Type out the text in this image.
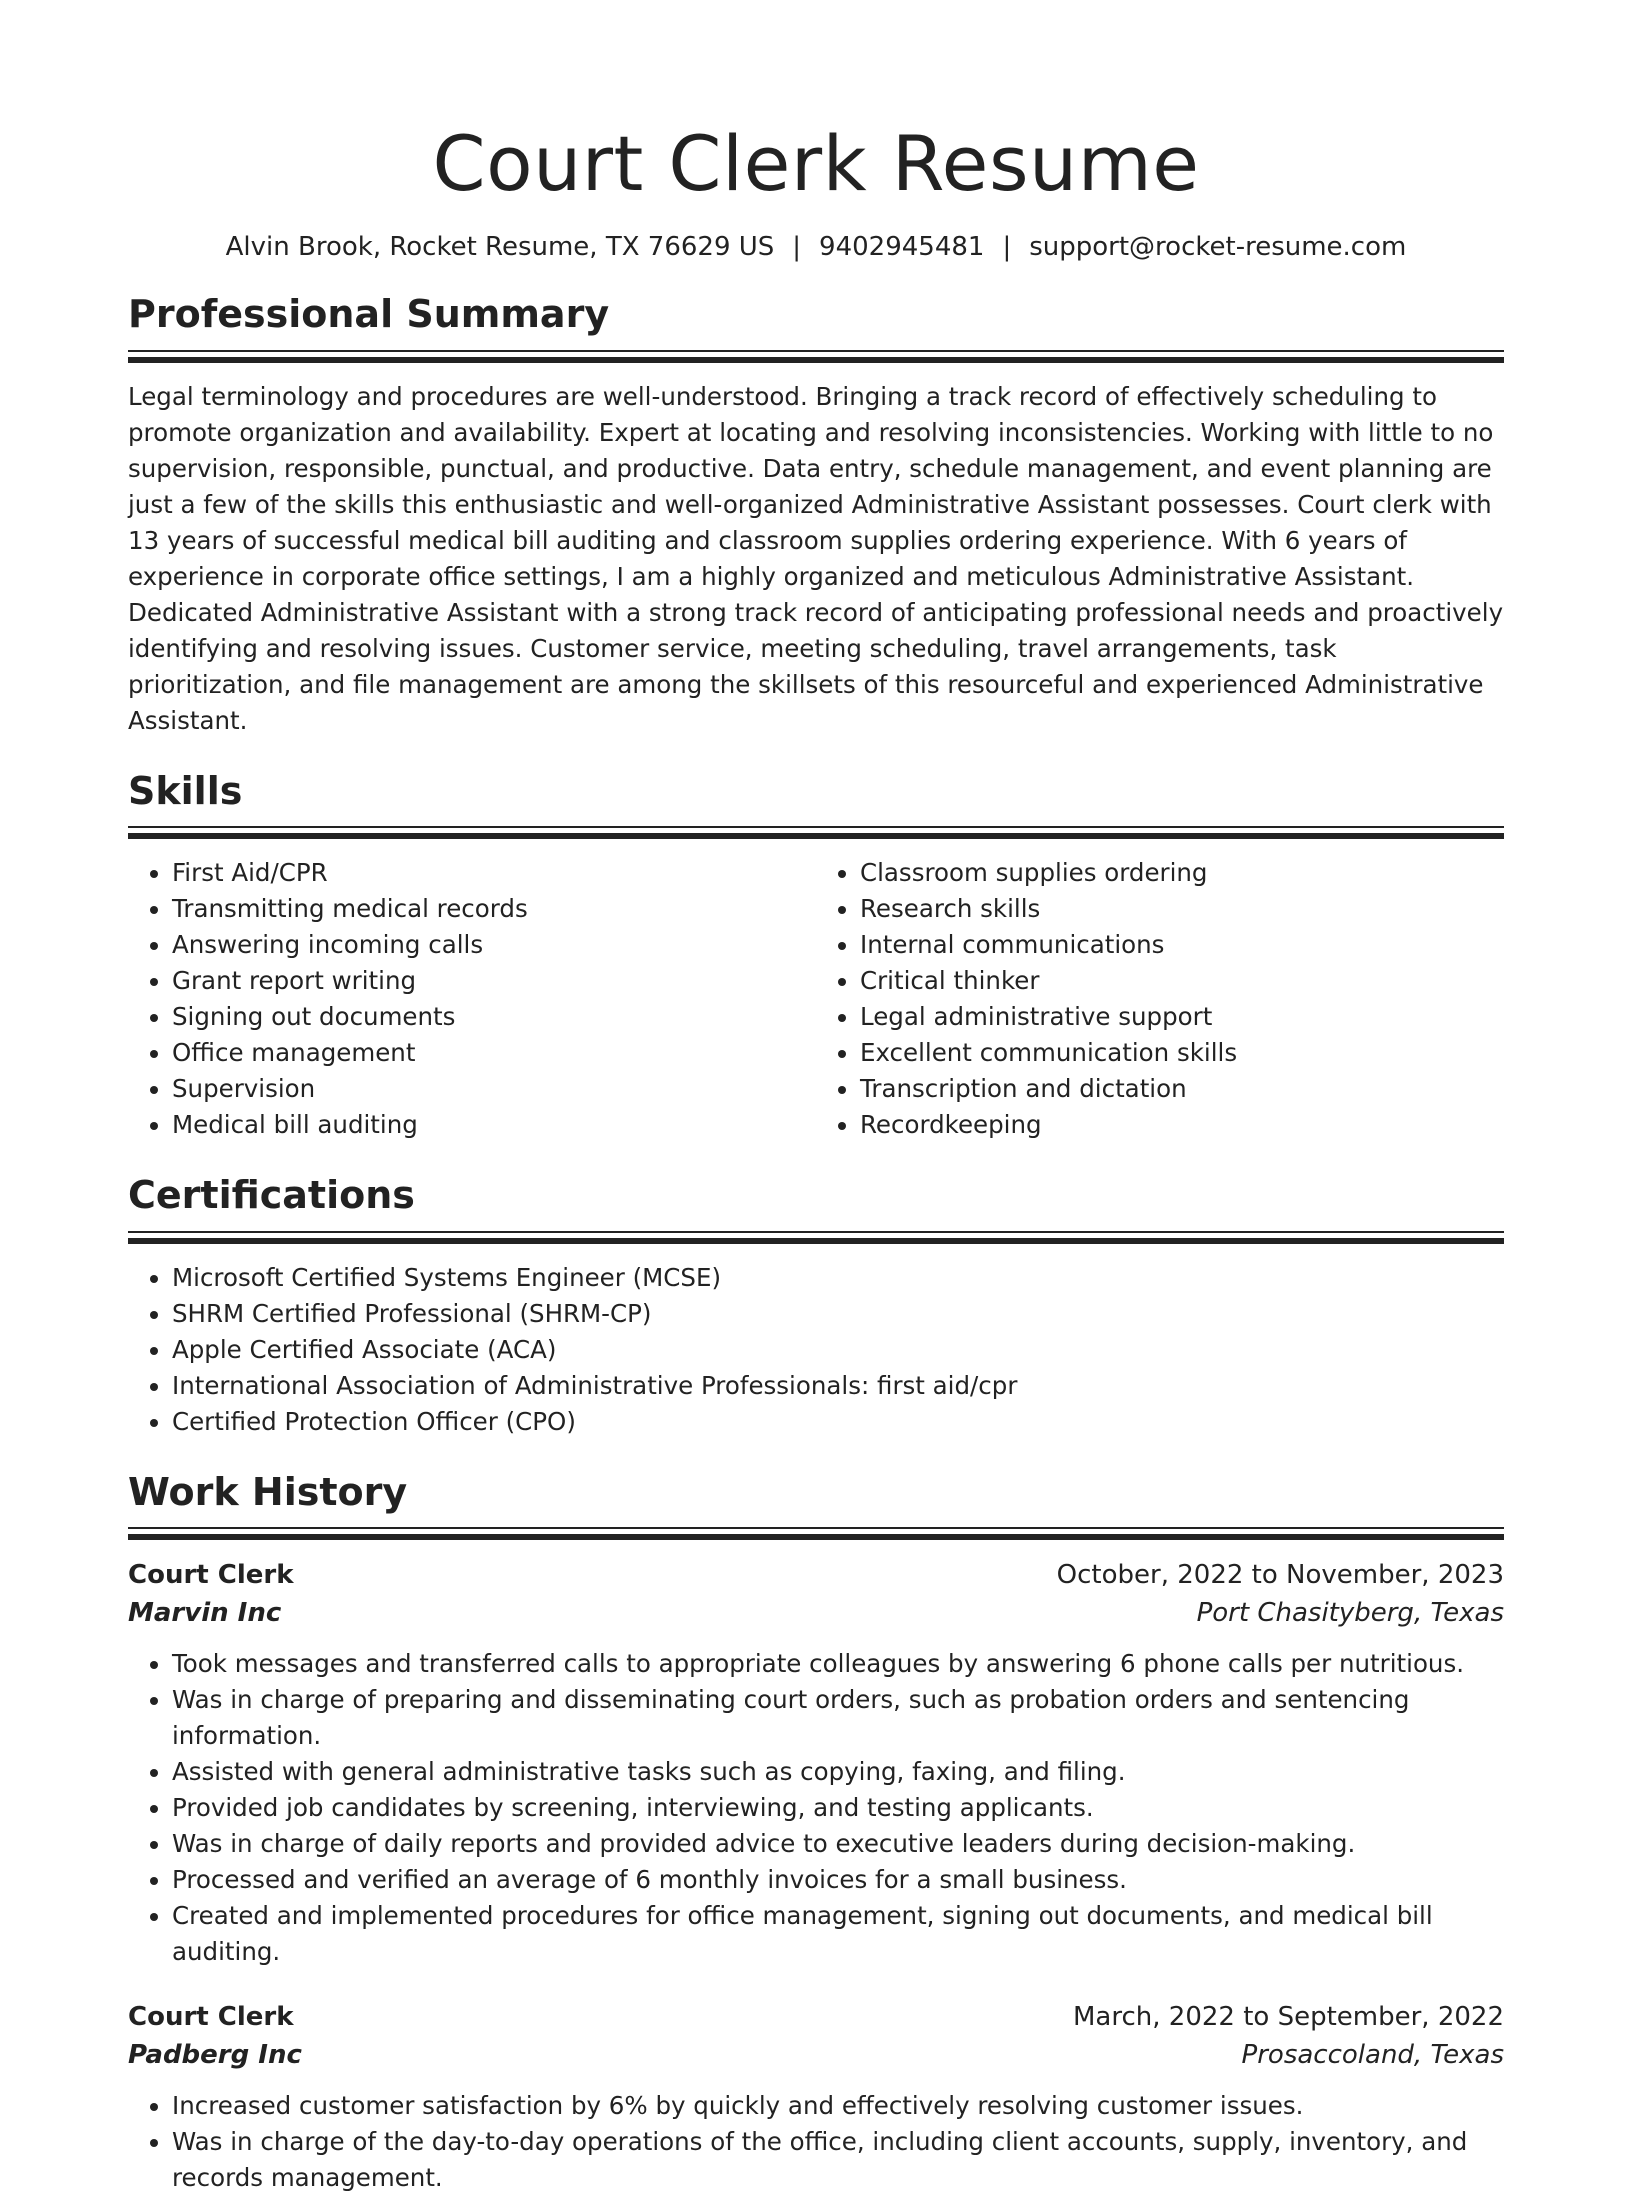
Court Clerk Resume
Alvin Brook, Rocket Resume, TX 76629 US | 9402945481 | support@rocket-resume.com
Professional Summary

Legal terminology and procedures are well-understood. Bringing a track record of effectively scheduling to promote organization and availability. Expert at locating and resolving inconsistencies. Working with little to no supervision, responsible, punctual, and productive. Data entry, schedule management, and event planning are just a few of the skills this enthusiastic and well-organized Administrative Assistant possesses. Court clerk with 13 years of successful medical bill auditing and classroom supplies ordering experience. With 6 years of experience in corporate office settings, I am a highly organized and meticulous Administrative Assistant. Dedicated Administrative Assistant with a strong track record of anticipating professional needs and proactively identifying and resolving issues. Customer service, meeting scheduling, travel arrangements, task prioritization, and file management are among the skillsets of this resourceful and experienced Administrative Assistant.

Skills
• First Aid/CPR
• Transmitting medical records
• Answering incoming calls
• Grant report writing
• Signing out documents
• Office management
• Supervision
• Medical bill auditing
• Classroom supplies ordering
• Research skills
• Internal communications
• Critical thinker
• Legal administrative support
• Excellent communication skills
• Transcription and dictation
• Recordkeeping
Certifications
• Microsoft Certified Systems Engineer (MCSE)
• SHRM Certified Professional (SHRM-CP)
• Apple Certified Associate (ACA)
• International Association of Administrative Professionals: first aid/cpr
• Certified Protection Officer (CPO)
Work History
Court Clerk	October, 2022 to November, 2023
Marvin Inc	Port Chasityberg, Texas
• Took messages and transferred calls to appropriate colleagues by answering 6 phone calls per nutritious.
• Was in charge of preparing and disseminating court orders, such as probation orders and sentencing information.
• Assisted with general administrative tasks such as copying, faxing, and filing.
• Provided job candidates by screening, interviewing, and testing applicants.
• Was in charge of daily reports and provided advice to executive leaders during decision-making.
• Processed and verified an average of 6 monthly invoices for a small business.
• Created and implemented procedures for office management, signing out documents, and medical bill auditing.
Court Clerk	March, 2022 to September, 2022
Padberg Inc	Prosaccoland, Texas
• Increased customer satisfaction by 6% by quickly and effectively resolving customer issues.
• Was in charge of the day-to-day operations of the office, including client accounts, supply, inventory, and records management.
